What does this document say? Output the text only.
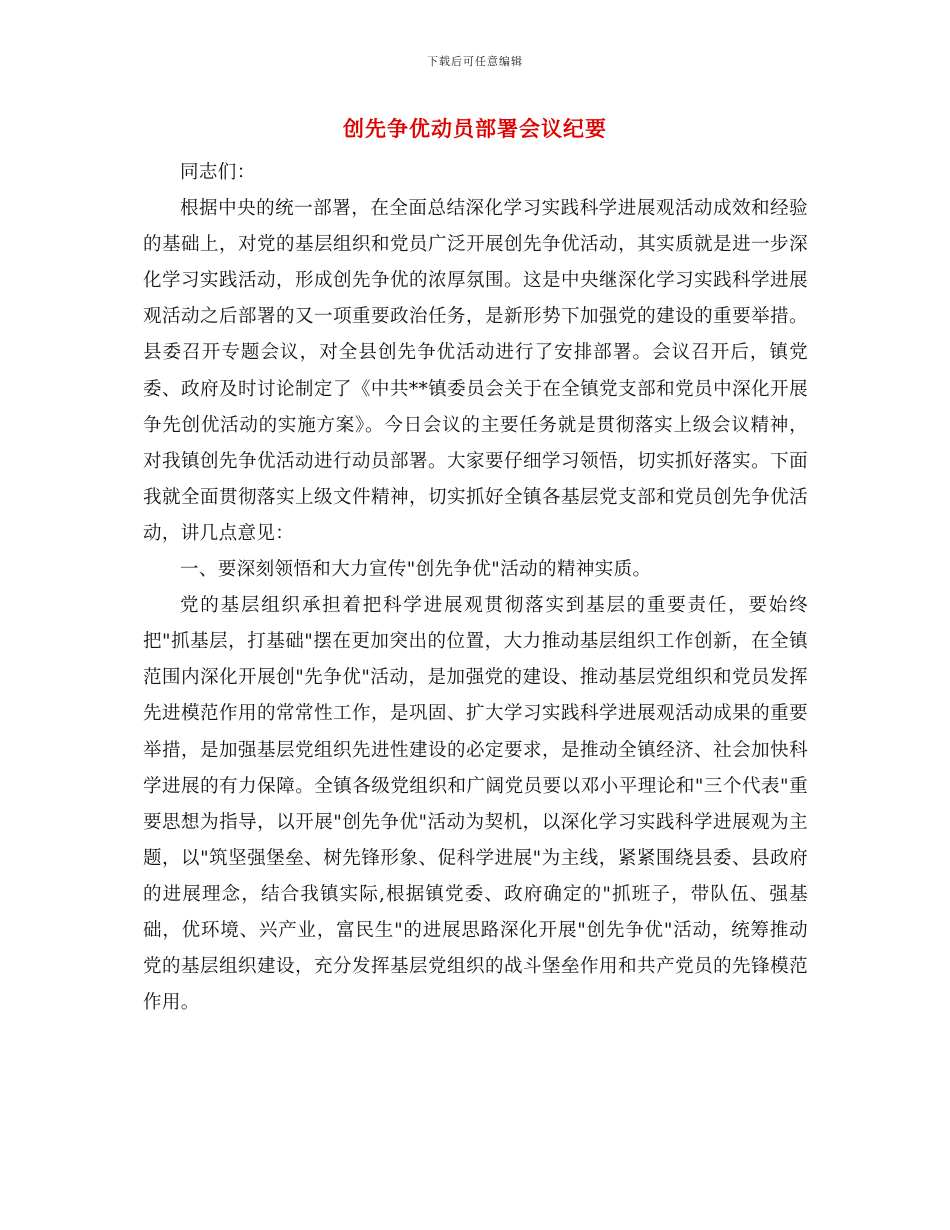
下载后可任意编辑
创先争优动员部署会议纪要

同志们：

根据中央的统一部署，在全面总结深化学习实践科学进展观活动成效和经验的基础上，对党的基层组织和党员广泛开展创先争优活动，其实质就是进一步深化学习实践活动，形成创先争优的浓厚氛围。这是中央继深化学习实践科学进展观活动之后部署的又一项重要政治任务，是新形势下加强党的建设的重要举措。县委召开专题会议，对全县创先争优活动进行了安排部署。会议召开后，镇党委、政府及时讨论制定了《中共**镇委员会关于在全镇党支部和党员中深化开展争先创优活动的实施方案》。今日会议的主要任务就是贯彻落实上级会议精神，对我镇创先争优活动进行动员部署。大家要仔细学习领悟，切实抓好落实。下面我就全面贯彻落实上级文件精神，切实抓好全镇各基层党支部和党员创先争优活动，讲几点意见：

一、要深刻领悟和大力宣传"创先争优"活动的精神实质。

党的基层组织承担着把科学进展观贯彻落实到基层的重要责任，要始终把"抓基层，打基础"摆在更加突出的位置，大力推动基层组织工作创新，在全镇范围内深化开展创"先争优"活动，是加强党的建设、推动基层党组织和党员发挥先进模范作用的常常性工作，是巩固、扩大学习实践科学进展观活动成果的重要举措，是加强基层党组织先进性建设的必定要求，是推动全镇经济、社会加快科学进展的有力保障。全镇各级党组织和广阔党员要以邓小平理论和"三个代表"重要思想为指导，以开展"创先争优"活动为契机，以深化学习实践科学进展观为主题，以"筑坚强堡垒、树先锋形象、促科学进展"为主线，紧紧围绕县委、县政府的进展理念，结合我镇实际,根据镇党委、政府确定的"抓班子，带队伍、强基础，优环境、兴产业，富民生"的进展思路深化开展"创先争优"活动，统筹推动党的基层组织建设，充分发挥基层党组织的战斗堡垒作用和共产党员的先锋模范作用。
